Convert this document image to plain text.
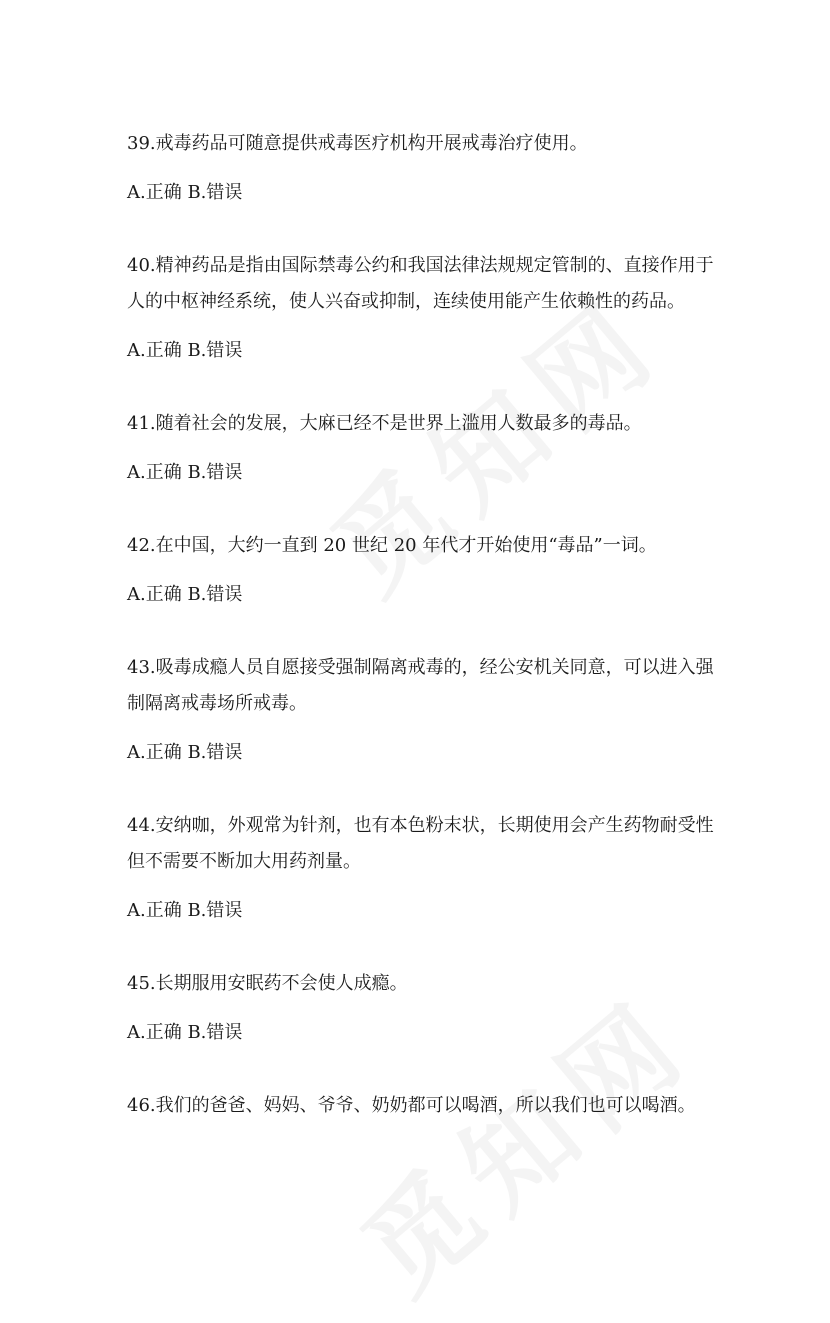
39.戒毒药品可随意提供戒毒医疗机构开展戒毒治疗使用。

A.正确 B.错误

40.精神药品是指由国际禁毒公约和我国法律法规规定管制的、直接作用于人的中枢神经系统，使人兴奋或抑制，连续使用能产生依赖性的药品。

A.正确 B.错误

41.随着社会的发展，大麻已经不是世界上滥用人数最多的毒品。

A.正确 B.错误

42.在中国，大约一直到 20 世纪 20 年代才开始使用“毒品”一词。

A.正确 B.错误

43.吸毒成瘾人员自愿接受强制隔离戒毒的，经公安机关同意，可以进入强制隔离戒毒场所戒毒。

A.正确 B.错误

44.安纳咖，外观常为针剂，也有本色粉末状，长期使用会产生药物耐受性但不需要不断加大用药剂量。

A.正确 B.错误

45.长期服用安眠药不会使人成瘾。

A.正确 B.错误

46.我们的爸爸、妈妈、爷爷、奶奶都可以喝酒，所以我们也可以喝酒。
